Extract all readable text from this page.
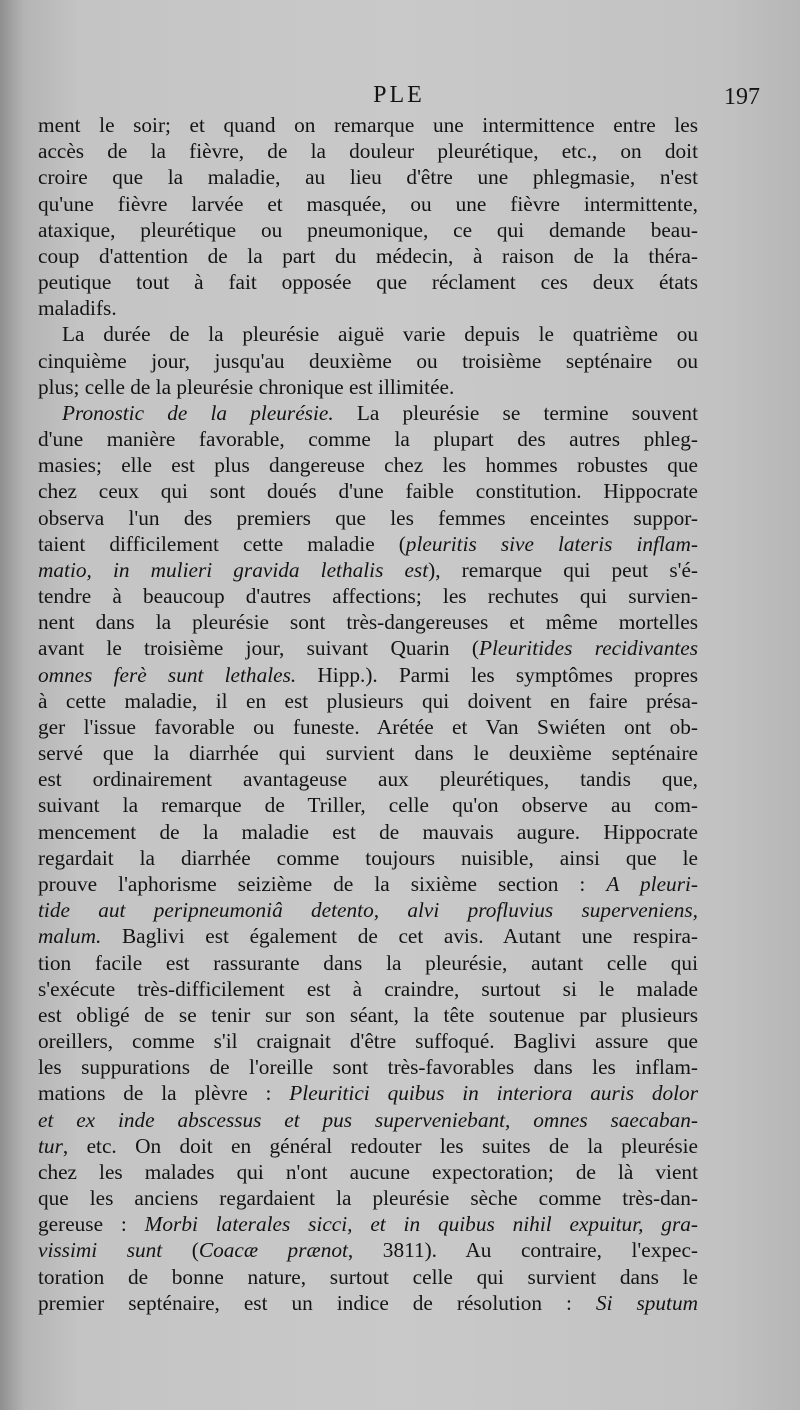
PLE	197
ment le soir; et quand on remarque une intermittence entre les
accès de la fièvre, de la douleur pleurétique, etc., on doit
croire que la maladie, au lieu d'être une phlegmasie, n'est
qu'une fièvre larvée et masquée, ou une fièvre intermittente,
ataxique, pleurétique ou pneumonique, ce qui demande beau-
coup d'attention de la part du médecin, à raison de la théra-
peutique tout à fait opposée que réclament ces deux états
maladifs.
La durée de la pleurésie aiguë varie depuis le quatrième ou
cinquième jour, jusqu'au deuxième ou troisième septénaire ou
plus; celle de la pleurésie chronique est illimitée.
Pronostic de la pleurésie. La pleurésie se termine souvent
d'une manière favorable, comme la plupart des autres phleg-
masies; elle est plus dangereuse chez les hommes robustes que
chez ceux qui sont doués d'une faible constitution. Hippocrate
observa l'un des premiers que les femmes enceintes suppor-
taient difficilement cette maladie (pleuritis sive lateris inflam-
matio, in mulieri gravida lethalis est), remarque qui peut s'é-
tendre à beaucoup d'autres affections; les rechutes qui survien-
nent dans la pleurésie sont très-dangereuses et même mortelles
avant le troisième jour, suivant Quarin (Pleuritides recidivantes
omnes ferè sunt lethales. Hipp.). Parmi les symptômes propres
à cette maladie, il en est plusieurs qui doivent en faire présa-
ger l'issue favorable ou funeste. Arétée et Van Swiéten ont ob-
servé que la diarrhée qui survient dans le deuxième septénaire
est ordinairement avantageuse aux pleurétiques, tandis que,
suivant la remarque de Triller, celle qu'on observe au com-
mencement de la maladie est de mauvais augure. Hippocrate
regardait la diarrhée comme toujours nuisible, ainsi que le
prouve l'aphorisme seizième de la sixième section : A pleuri-
tide aut peripneumoniâ detento, alvi profluvius superveniens,
malum. Baglivi est également de cet avis. Autant une respira-
tion facile est rassurante dans la pleurésie, autant celle qui
s'exécute très-difficilement est à craindre, surtout si le malade
est obligé de se tenir sur son séant, la tête soutenue par plusieurs
oreillers, comme s'il craignait d'être suffoqué. Baglivi assure que
les suppurations de l'oreille sont très-favorables dans les inflam-
mations de la plèvre : Pleuritici quibus in interiora auris dolor
et ex inde abscessus et pus superveniebant, omnes saecaban-
tur, etc. On doit en général redouter les suites de la pleurésie
chez les malades qui n'ont aucune expectoration; de là vient
que les anciens regardaient la pleurésie sèche comme très-dan-
gereuse : Morbi laterales sicci, et in quibus nihil expuitur, gra-
vissimi sunt (Coacæ prænot, 3811). Au contraire, l'expec-
toration de bonne nature, surtout celle qui survient dans le
premier septénaire, est un indice de résolution : Si sputum
